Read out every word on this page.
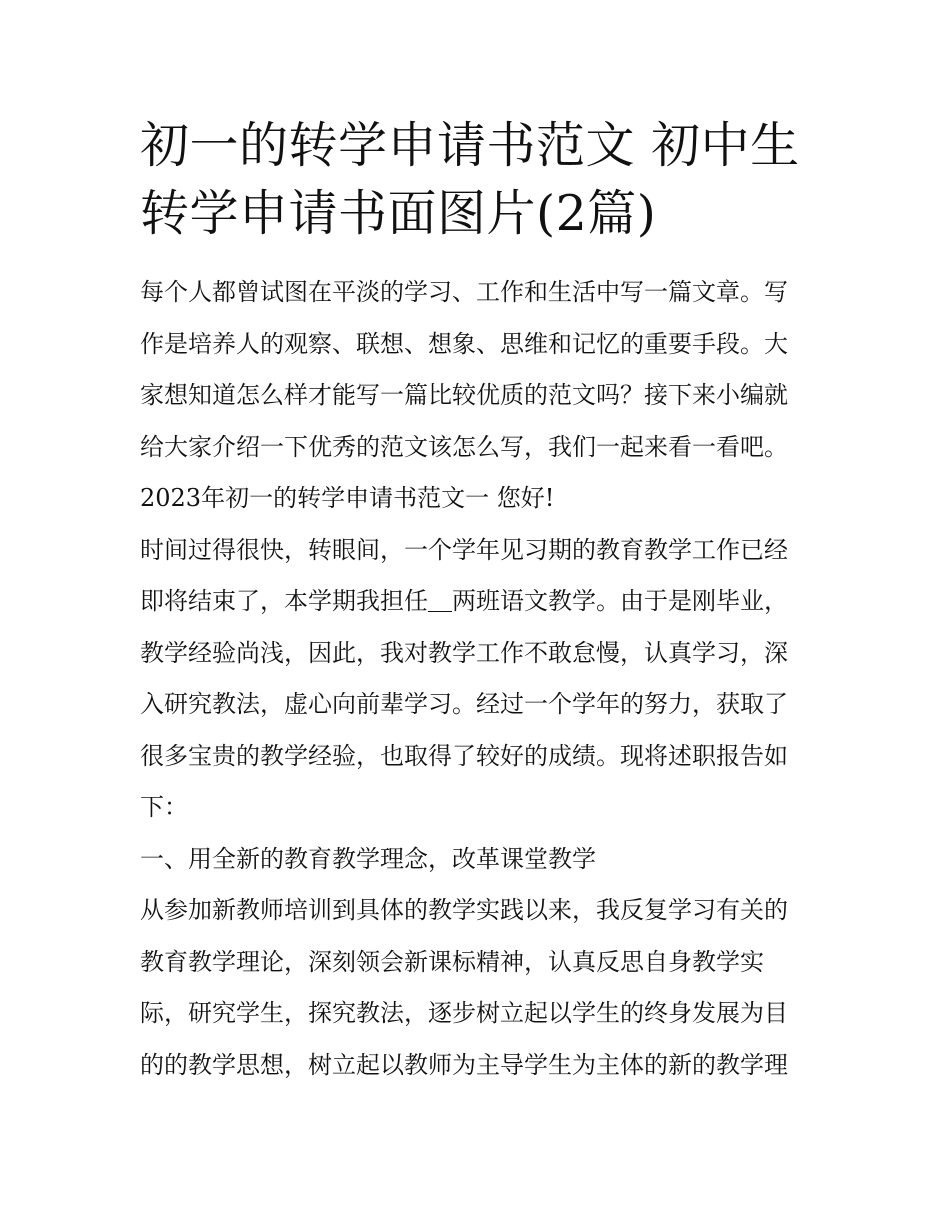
初一的转学申请书范文 初中生
转学申请书面图片(2篇)
每个人都曾试图在平淡的学习、工作和生活中写一篇文章。写
作是培养人的观察、联想、想象、思维和记忆的重要手段。大
家想知道怎么样才能写一篇比较优质的范文吗？接下来小编就
给大家介绍一下优秀的范文该怎么写，我们一起来看一看吧。
2023年初一的转学申请书范文一 您好!
时间过得很快，转眼间，一个学年见习期的教育教学工作已经
即将结束了，本学期我担任＿两班语文教学。由于是刚毕业，
教学经验尚浅，因此，我对教学工作不敢怠慢，认真学习，深
入研究教法，虚心向前辈学习。经过一个学年的努力，获取了
很多宝贵的教学经验，也取得了较好的成绩。现将述职报告如
下：
一、用全新的教育教学理念，改革课堂教学
从参加新教师培训到具体的教学实践以来，我反复学习有关的
教育教学理论，深刻领会新课标精神，认真反思自身教学实
际，研究学生，探究教法，逐步树立起以学生的终身发展为目
的的教学思想，树立起以教师为主导学生为主体的新的教学理
